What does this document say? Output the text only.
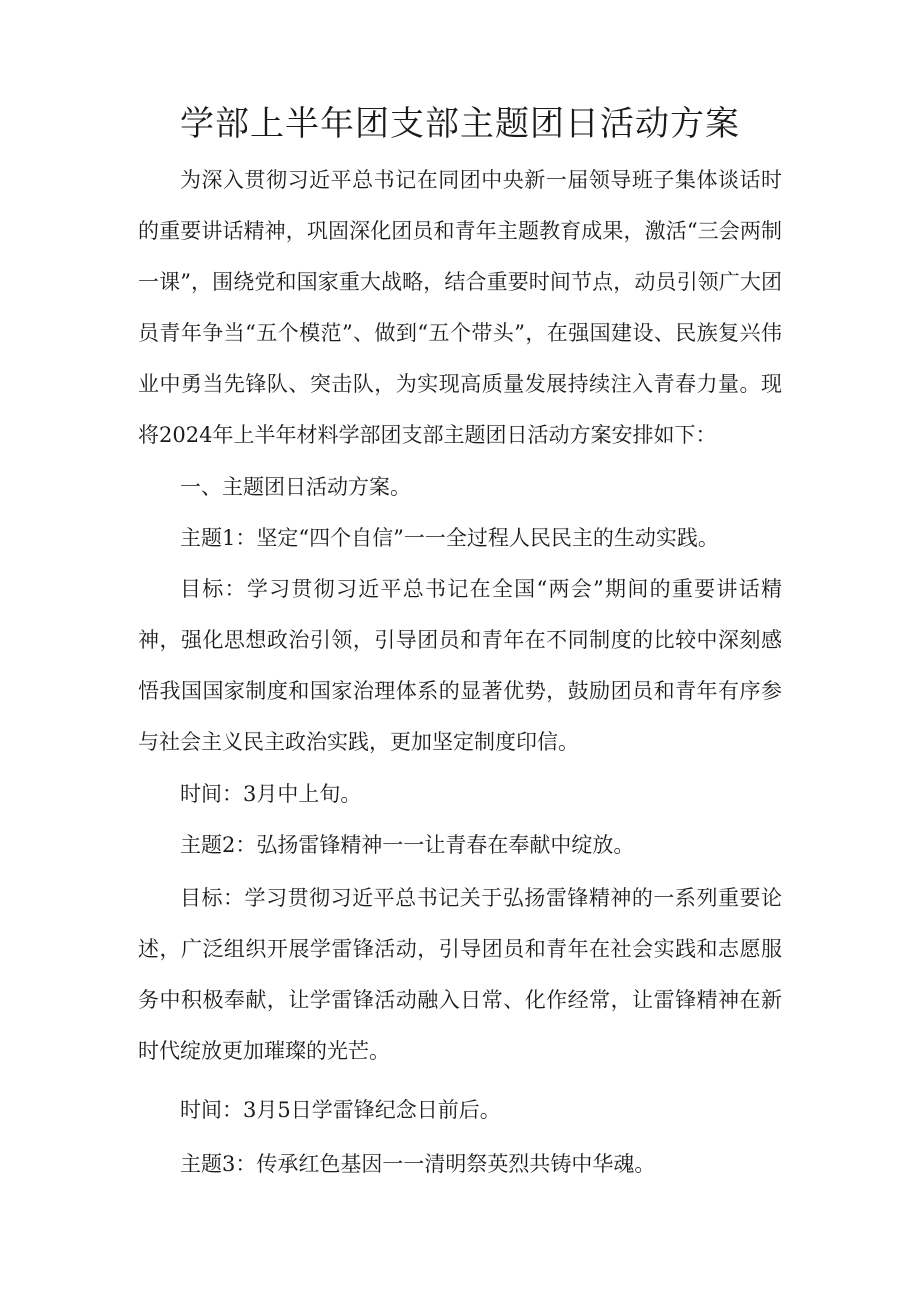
学部上半年团支部主题团日活动方案

为深入贯彻习近平总书记在同团中央新一届领导班子集体谈话时的重要讲话精神，巩固深化团员和青年主题教育成果，激活“三会两制一课”，围绕党和国家重大战略，结合重要时间节点，动员引领广大团员青年争当“五个模范”、做到“五个带头”，在强国建设、民族复兴伟业中勇当先锋队、突击队，为实现高质量发展持续注入青春力量。现将2024年上半年材料学部团支部主题团日活动方案安排如下：

一、主题团日活动方案。

主题1：坚定“四个自信”一一全过程人民民主的生动实践。

目标：学习贯彻习近平总书记在全国“两会”期间的重要讲话精神，强化思想政治引领，引导团员和青年在不同制度的比较中深刻感悟我国国家制度和国家治理体系的显著优势，鼓励团员和青年有序参与社会主义民主政治实践，更加坚定制度印信。

时间：3月中上旬。

主题2：弘扬雷锋精神一一让青春在奉献中绽放。

目标：学习贯彻习近平总书记关于弘扬雷锋精神的一系列重要论述，广泛组织开展学雷锋活动，引导团员和青年在社会实践和志愿服务中积极奉献，让学雷锋活动融入日常、化作经常，让雷锋精神在新时代绽放更加璀璨的光芒。

时间：3月5日学雷锋纪念日前后。

主题3：传承红色基因一一清明祭英烈共铸中华魂。
